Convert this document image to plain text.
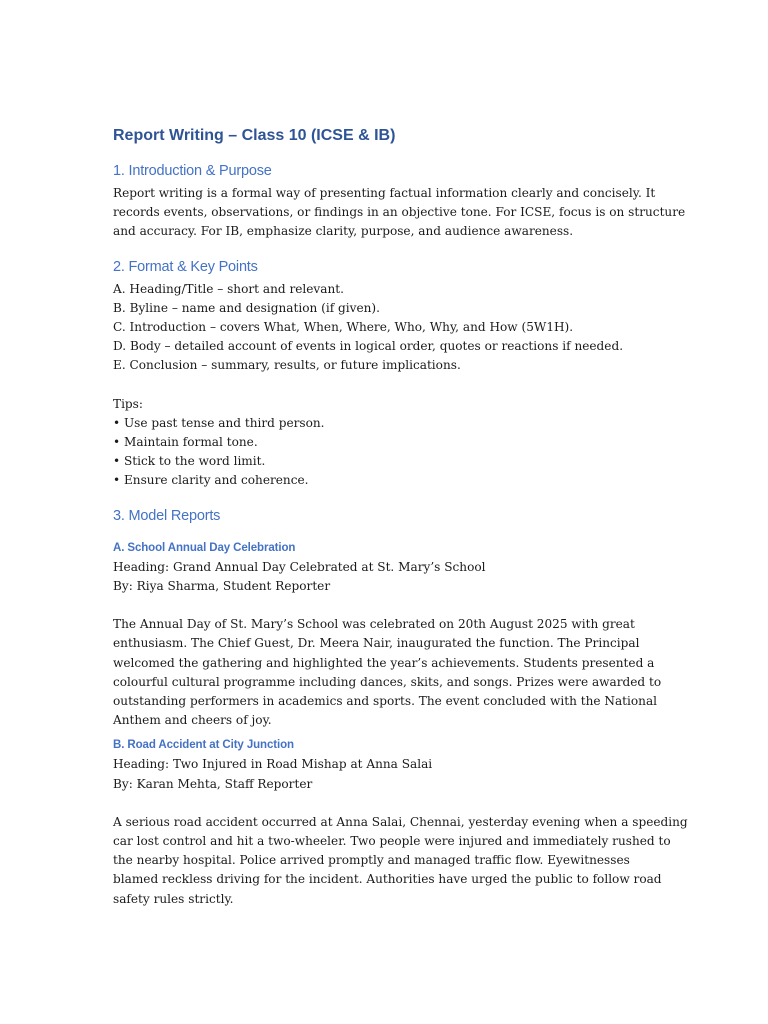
Report Writing – Class 10 (ICSE & IB)
1. Introduction & Purpose
Report writing is a formal way of presenting factual information clearly and concisely. It
records events, observations, or findings in an objective tone. For ICSE, focus is on structure
and accuracy. For IB, emphasize clarity, purpose, and audience awareness.
2. Format & Key Points
A. Heading/Title – short and relevant.
B. Byline – name and designation (if given).
C. Introduction – covers What, When, Where, Who, Why, and How (5W1H).
D. Body – detailed account of events in logical order, quotes or reactions if needed.
E. Conclusion – summary, results, or future implications.
Tips:
• Use past tense and third person.
• Maintain formal tone.
• Stick to the word limit.
• Ensure clarity and coherence.
3. Model Reports
A. School Annual Day Celebration
Heading: Grand Annual Day Celebrated at St. Mary’s School
By: Riya Sharma, Student Reporter
The Annual Day of St. Mary’s School was celebrated on 20th August 2025 with great
enthusiasm. The Chief Guest, Dr. Meera Nair, inaugurated the function. The Principal
welcomed the gathering and highlighted the year’s achievements. Students presented a
colourful cultural programme including dances, skits, and songs. Prizes were awarded to
outstanding performers in academics and sports. The event concluded with the National
Anthem and cheers of joy.
B. Road Accident at City Junction
Heading: Two Injured in Road Mishap at Anna Salai
By: Karan Mehta, Staff Reporter
A serious road accident occurred at Anna Salai, Chennai, yesterday evening when a speeding
car lost control and hit a two-wheeler. Two people were injured and immediately rushed to
the nearby hospital. Police arrived promptly and managed traffic flow. Eyewitnesses
blamed reckless driving for the incident. Authorities have urged the public to follow road
safety rules strictly.
